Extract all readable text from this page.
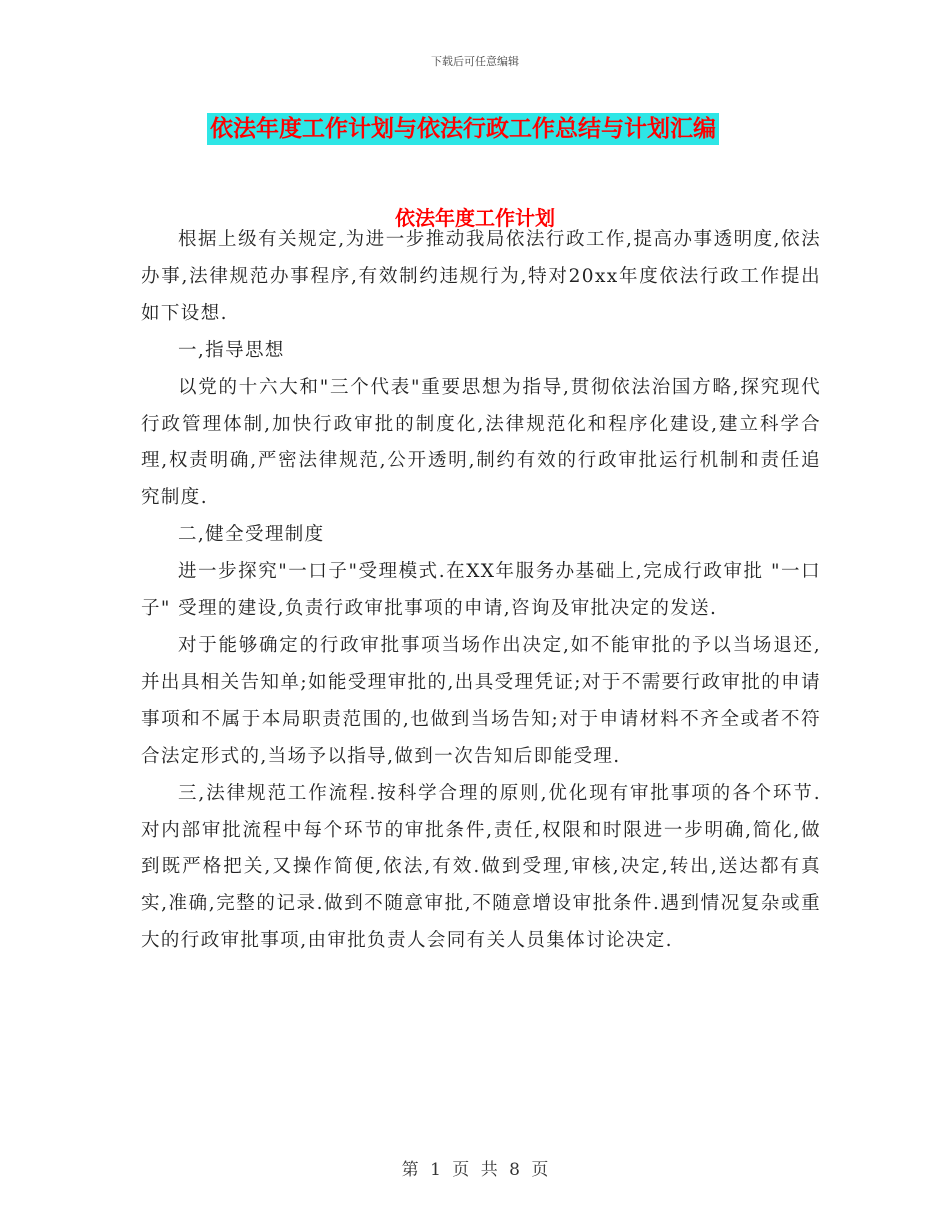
下载后可任意编辑
依法年度工作计划与依法行政工作总结与计划汇编
依法年度工作计划

根据上级有关规定,为进一步推动我局依法行政工作,提高办事透明度,依法办事,法律规范办事程序,有效制约违规行为,特对20xx年度依法行政工作提出如下设想.

一,指导思想

以党的十六大和"三个代表"重要思想为指导,贯彻依法治国方略,探究现代行政管理体制,加快行政审批的制度化,法律规范化和程序化建设,建立科学合理,权责明确,严密法律规范,公开透明,制约有效的行政审批运行机制和责任追究制度.

二,健全受理制度

进一步探究"一口子"受理模式.在XX年服务办基础上,完成行政审批 "一口子" 受理的建设,负责行政审批事项的申请,咨询及审批决定的发送.

对于能够确定的行政审批事项当场作出决定,如不能审批的予以当场退还,并出具相关告知单;如能受理审批的,出具受理凭证;对于不需要行政审批的申请事项和不属于本局职责范围的,也做到当场告知;对于申请材料不齐全或者不符合法定形式的,当场予以指导,做到一次告知后即能受理.

三,法律规范工作流程.按科学合理的原则,优化现有审批事项的各个环节.对内部审批流程中每个环节的审批条件,责任,权限和时限进一步明确,简化,做到既严格把关,又操作简便,依法,有效.做到受理,审核,决定,转出,送达都有真实,准确,完整的记录.做到不随意审批,不随意增设审批条件.遇到情况复杂或重大的行政审批事项,由审批负责人会同有关人员集体讨论决定.

第 1 页 共 8 页
